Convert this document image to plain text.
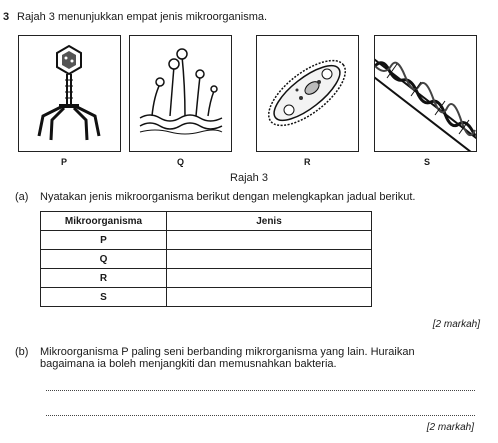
3 Rajah 3 menunjukkan empat jenis mikroorganisma.
P	Q	R	S
Rajah 3
(a) Nyatakan jenis mikroorganisma berikut dengan melengkapkan jadual berikut.
Mikroorganisma	Jenis
P	
Q	
R	
S	
[2 markah]
(b) Mikroorganisma P paling seni berbanding mikrorganisma yang lain. Huraikan
bagaimana ia boleh menjangkiti dan memusnahkan bakteria.
[2 markah]
